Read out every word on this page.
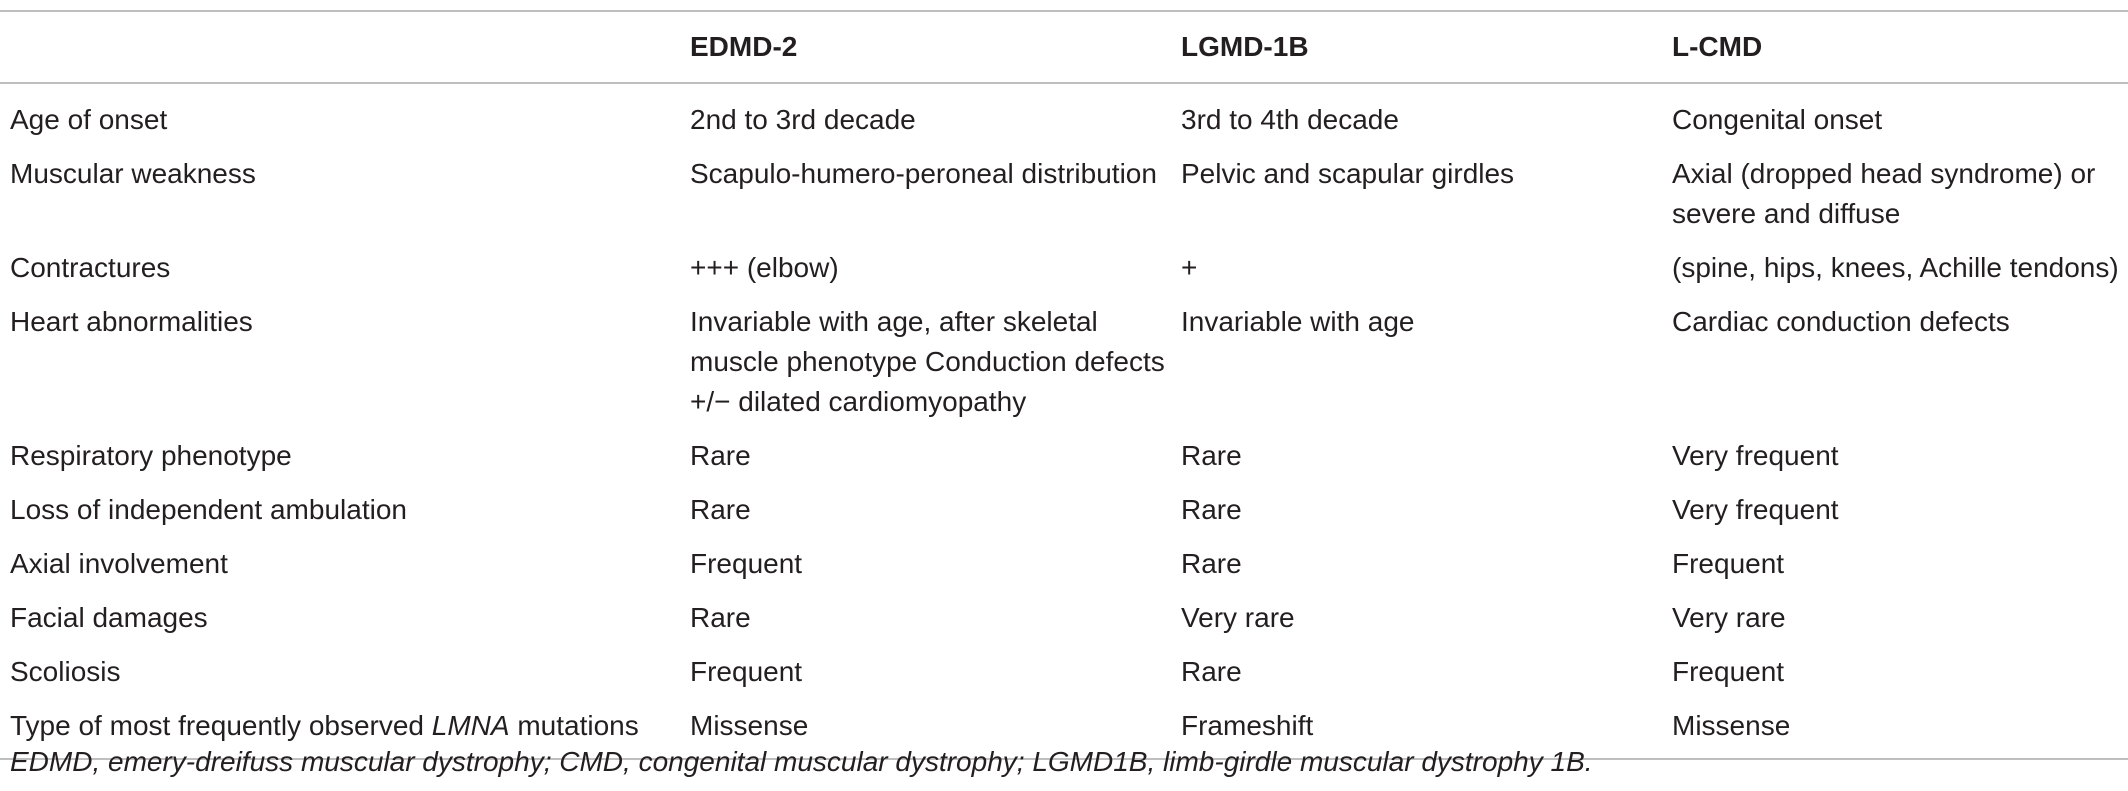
	EDMD-2	LGMD-1B	L-CMD
Age of onset	2nd to 3rd decade	3rd to 4th decade	Congenital onset
Muscular weakness	Scapulo-humero-peroneal distribution	Pelvic and scapular girdles	Axial (dropped head syndrome) or severe and diffuse
Contractures	+++ (elbow)	+	(spine, hips, knees, Achille tendons)
Heart abnormalities	Invariable with age, after skeletal muscle phenotype Conduction defects +/− dilated cardiomyopathy	Invariable with age	Cardiac conduction defects
Respiratory phenotype	Rare	Rare	Very frequent
Loss of independent ambulation	Rare	Rare	Very frequent
Axial involvement	Frequent	Rare	Frequent
Facial damages	Rare	Very rare	Very rare
Scoliosis	Frequent	Rare	Frequent
Type of most frequently observed LMNA mutations	Missense	Frameshift	Missense
EDMD, emery-dreifuss muscular dystrophy; CMD, congenital muscular dystrophy; LGMD1B, limb-girdle muscular dystrophy 1B.
